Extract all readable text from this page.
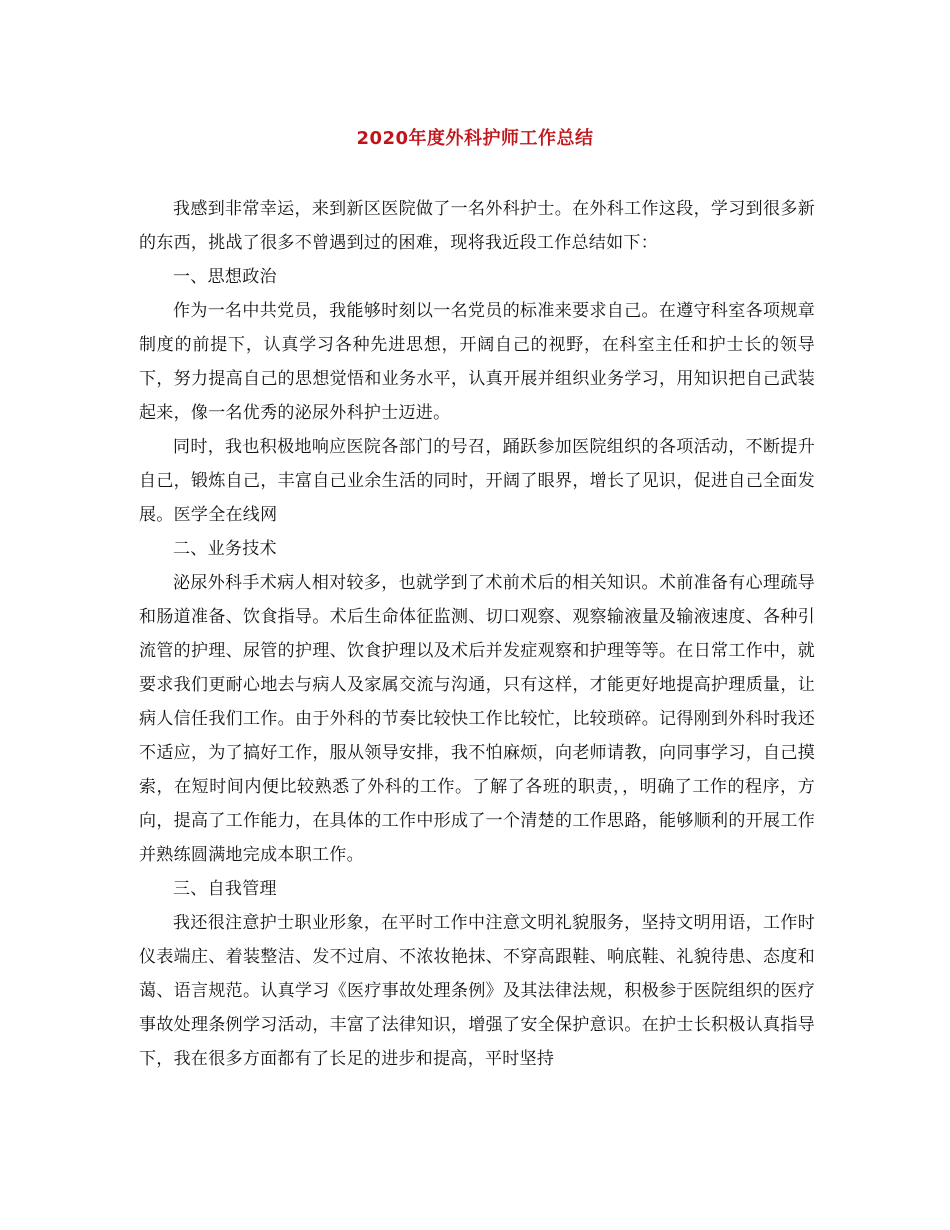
2020年度外科护师工作总结

我感到非常幸运，来到新区医院做了一名外科护士。在外科工作这段，学习到很多新的东西，挑战了很多不曾遇到过的困难，现将我近段工作总结如下：

一、思想政治

作为一名中共党员，我能够时刻以一名党员的标准来要求自己。在遵守科室各项规章制度的前提下，认真学习各种先进思想，开阔自己的视野，在科室主任和护士长的领导下，努力提高自己的思想觉悟和业务水平，认真开展并组织业务学习，用知识把自己武装起来，像一名优秀的泌尿外科护士迈进。

同时，我也积极地响应医院各部门的号召，踊跃参加医院组织的各项活动，不断提升自己，锻炼自己，丰富自己业余生活的同时，开阔了眼界，增长了见识，促进自己全面发展。医学全在线网

二、业务技术

泌尿外科手术病人相对较多，也就学到了术前术后的相关知识。术前准备有心理疏导和肠道准备、饮食指导。术后生命体征监测、切口观察、观察输液量及输液速度、各种引流管的护理、尿管的护理、饮食护理以及术后并发症观察和护理等等。在日常工作中，就要求我们更耐心地去与病人及家属交流与沟通，只有这样，才能更好地提高护理质量，让病人信任我们工作。由于外科的节奏比较快工作比较忙，比较琐碎。记得刚到外科时我还不适应，为了搞好工作，服从领导安排，我不怕麻烦，向老师请教，向同事学习，自己摸索，在短时间内便比较熟悉了外科的工作。了解了各班的职责，，明确了工作的程序，方向，提高了工作能力，在具体的工作中形成了一个清楚的工作思路，能够顺利的开展工作并熟练圆满地完成本职工作。

三、自我管理

我还很注意护士职业形象，在平时工作中注意文明礼貌服务，坚持文明用语，工作时仪表端庄、着装整洁、发不过肩、不浓妆艳抹、不穿高跟鞋、响底鞋、礼貌待患、态度和蔼、语言规范。认真学习《医疗事故处理条例》及其法律法规，积极参于医院组织的医疗事故处理条例学习活动，丰富了法律知识，增强了安全保护意识。在护士长积极认真指导下，我在很多方面都有了长足的进步和提高，平时坚持
